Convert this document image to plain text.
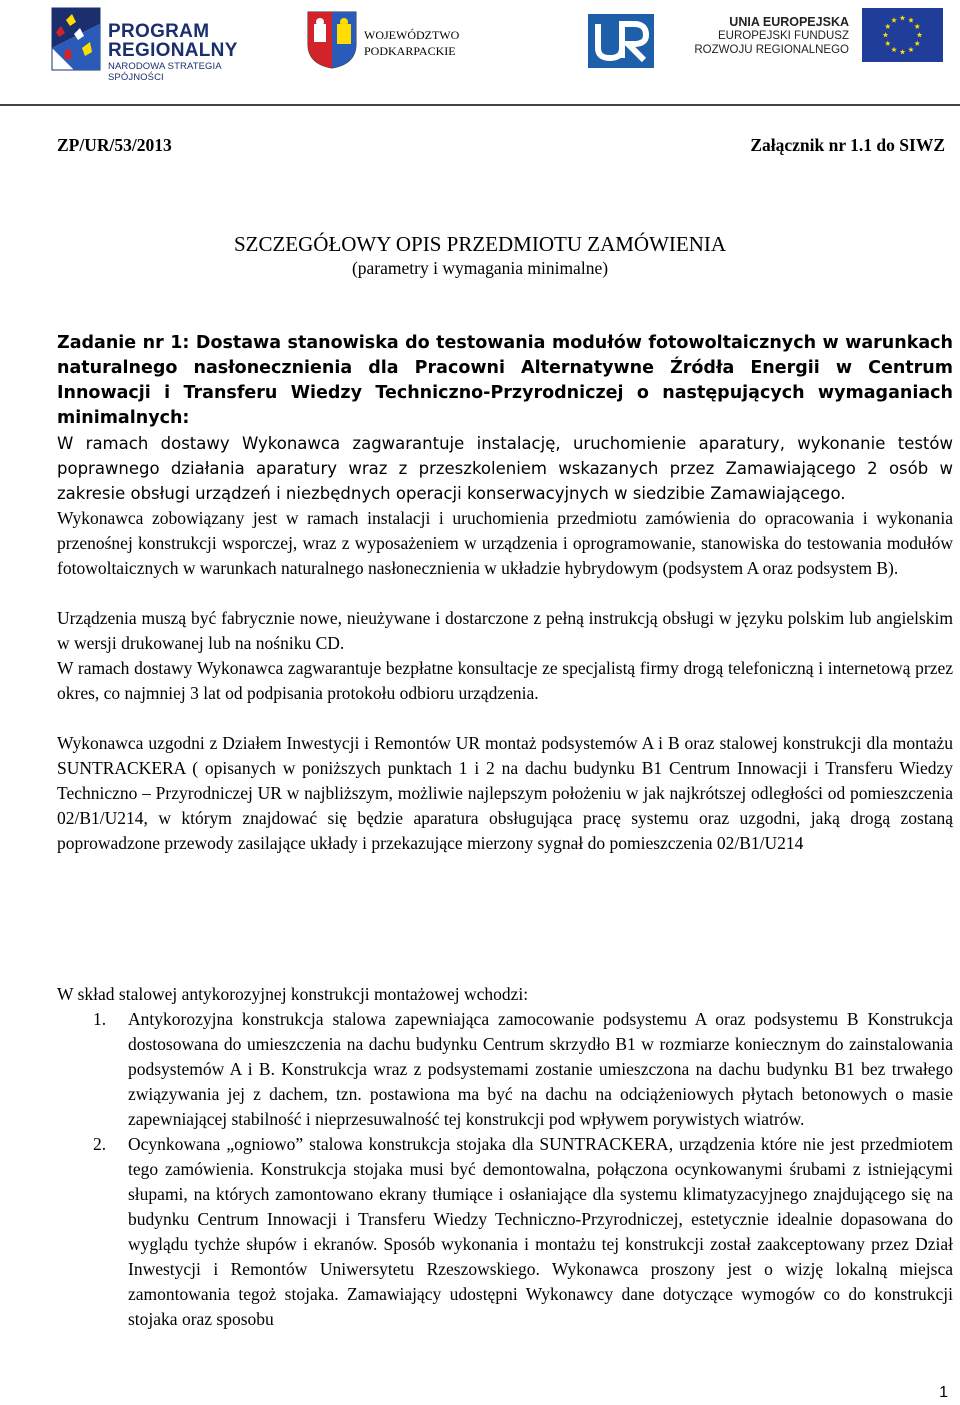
PROGRAM
REGIONALNY
NARODOWA STRATEGIA SPÓJNOŚCI
WOJEWÓDZTWO
PODKARPACKIE
UNIA EUROPEJSKA
EUROPEJSKI FUNDUSZ
ROZWOJU REGIONALNEGO
ZP/UR/53/2013	Załącznik nr 1.1 do SIWZ
SZCZEGÓŁOWY OPIS PRZEDMIOTU ZAMÓWIENIA
(parametry i wymagania minimalne)
Zadanie nr 1: Dostawa stanowiska do testowania modułów fotowoltaicznych w warunkach naturalnego nasłonecznienia dla Pracowni Alternatywne Źródła Energii w Centrum Innowacji i Transferu Wiedzy Techniczno-Przyrodniczej o następujących wymaganiach minimalnych:
W ramach dostawy Wykonawca zagwarantuje instalację, uruchomienie aparatury, wykonanie testów poprawnego działania aparatury wraz z przeszkoleniem wskazanych przez Zamawiającego 2 osób w zakresie obsługi urządzeń i niezbędnych operacji konserwacyjnych w siedzibie Zamawiającego.
Wykonawca zobowiązany jest w ramach instalacji i uruchomienia przedmiotu zamówienia do opracowania i wykonania przenośnej konstrukcji wsporczej, wraz z wyposażeniem w urządzenia i oprogramowanie, stanowiska do testowania modułów fotowoltaicznych w warunkach naturalnego nasłonecznienia w układzie hybrydowym (podsystem A oraz podsystem B).
Urządzenia muszą być fabrycznie nowe, nieużywane i dostarczone z pełną instrukcją obsługi w języku polskim lub angielskim w wersji drukowanej lub na nośniku CD.
W ramach dostawy Wykonawca zagwarantuje bezpłatne konsultacje ze specjalistą firmy drogą telefoniczną i internetową przez okres, co najmniej 3 lat od podpisania protokołu odbioru urządzenia.
Wykonawca uzgodni z Działem Inwestycji i Remontów UR montaż podsystemów A i B oraz stalowej konstrukcji dla montażu SUNTRACKERA ( opisanych w poniższych punktach 1 i 2 na dachu budynku B1 Centrum Innowacji i Transferu Wiedzy Techniczno – Przyrodniczej UR w najbliższym, możliwie najlepszym położeniu w jak najkrótszej odległości od pomieszczenia 02/B1/U214, w którym znajdować się będzie aparatura obsługująca pracę systemu oraz uzgodni, jaką drogą zostaną poprowadzone przewody zasilające układy i przekazujące mierzony sygnał do pomieszczenia 02/B1/U214
W skład stalowej antykorozyjnej konstrukcji montażowej wchodzi:
1. Antykorozyjna konstrukcja stalowa zapewniająca zamocowanie podsystemu A oraz podsystemu B Konstrukcja dostosowana do umieszczenia na dachu budynku Centrum skrzydło B1 w rozmiarze koniecznym do zainstalowania podsystemów A i B. Konstrukcja wraz z podsystemami zostanie umieszczona na dachu budynku B1 bez trwałego związywania jej z dachem, tzn. postawiona ma być na dachu na odciążeniowych płytach betonowych o masie zapewniającej stabilność i nieprzesuwalność tej konstrukcji pod wpływem porywistych wiatrów.
2. Ocynkowana „ogniowo” stalowa konstrukcja stojaka dla SUNTRACKERA, urządzenia które nie jest przedmiotem tego zamówienia. Konstrukcja stojaka musi być demontowalna, połączona ocynkowanymi śrubami z istniejącymi słupami, na których zamontowano ekrany tłumiące i osłaniające dla systemu klimatyzacyjnego znajdującego się na budynku Centrum Innowacji i Transferu Wiedzy Techniczno-Przyrodniczej, estetycznie idealnie dopasowana do wyglądu tychże słupów i ekranów. Sposób wykonania i montażu tej konstrukcji został zaakceptowany przez Dział Inwestycji i Remontów Uniwersytetu Rzeszowskiego. Wykonawca proszony jest o wizję lokalną miejsca zamontowania tegoż stojaka. Zamawiający udostępni Wykonawcy dane dotyczące wymogów co do konstrukcji stojaka oraz sposobu
1
